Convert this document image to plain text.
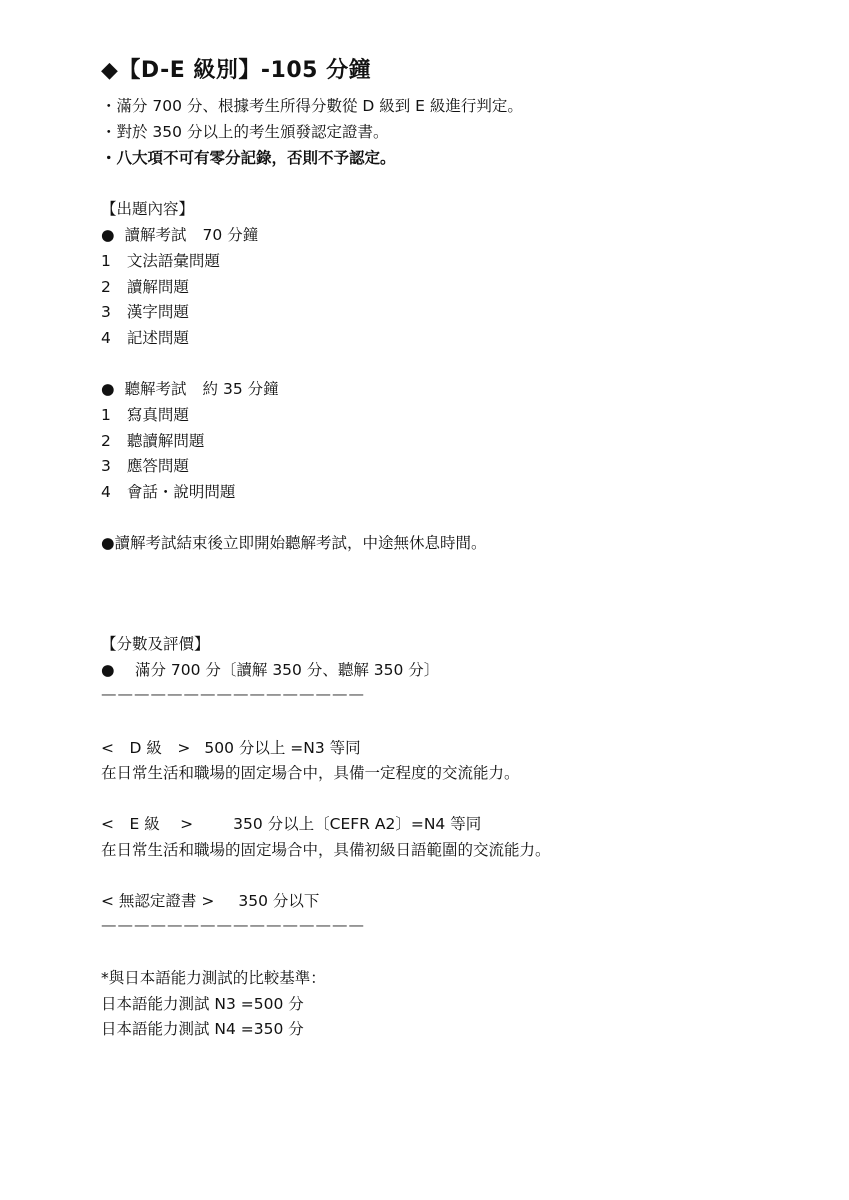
◆【D-E 級別】-105 分鐘
・滿分 700 分、根據考生所得分數從 D 級到 E 級進行判定。
・對於 350 分以上的考生頒發認定證書。
・八大項不可有零分記錄，否則不予認定。
【出題內容】
● 讀解考試 70 分鐘
1 文法語彙問題
2 讀解問題
3 漢字問題
4 記述問題
● 聽解考試 約 35 分鐘
1 寫真問題
2 聽讀解問題
3 應答問題
4 會話・說明問題
●讀解考試結束後立即開始聽解考試，中途無休息時間。
【分數及評價】
●　 滿分 700 分〔讀解 350 分、聽解 350 分〕
————————————————
<　D 級　> 500 分以上 =N3 等同
在日常生活和職場的固定場合中，具備一定程度的交流能力。
<　E 級　 >	350 分以上〔CEFR A2〕=N4 等同
在日常生活和職場的固定場合中，具備初級日語範圍的交流能力。
< 無認定證書 > 350 分以下
————————————————
*與日本語能力測試的比較基準：
日本語能力測試 N3 =500 分
日本語能力測試 N4 =350 分
